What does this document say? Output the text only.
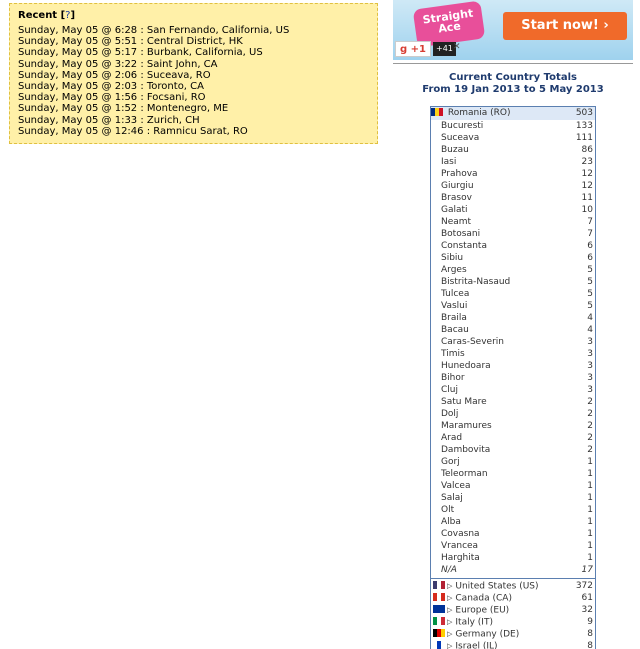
Recent [?]
Sunday, May 05 @ 6:28 : San Fernando, California, US
Sunday, May 05 @ 5:51 : Central District, HK
Sunday, May 05 @ 5:17 : Burbank, California, US
Sunday, May 05 @ 3:22 : Saint John, CA
Sunday, May 05 @ 2:06 : Suceava, RO
Sunday, May 05 @ 2:03 : Toronto, CA
Sunday, May 05 @ 1:56 : Focsani, RO
Sunday, May 05 @ 1:52 : Montenegro, ME
Sunday, May 05 @ 1:33 : Zurich, CH
Sunday, May 05 @ 12:46 : Ramnicu Sarat, RO
Straight Ace	Start now! ›
g +1	+41 ✕
Current Country Totals
From 19 Jan 2013 to 5 May 2013
Romania (RO)	503
Bucuresti	133
Suceava	111
Buzau	86
Iasi	23
Prahova	12
Giurgiu	12
Brasov	11
Galati	10
Neamt	7
Botosani	7
Constanta	6
Sibiu	6
Arges	5
Bistrita-Nasaud	5
Tulcea	5
Vaslui	5
Braila	4
Bacau	4
Caras-Severin	3
Timis	3
Hunedoara	3
Bihor	3
Cluj	3
Satu Mare	2
Dolj	2
Maramures	2
Arad	2
Dambovita	2
Gorj	1
Teleorman	1
Valcea	1
Salaj	1
Olt	1
Alba	1
Covasna	1
Vrancea	1
Harghita	1
N/A	17
▷ United States (US)	372
▷ Canada (CA)	61
▷ Europe (EU)	32
▷ Italy (IT)	9
▷ Germany (DE)	8
▷ Israel (IL)	8
